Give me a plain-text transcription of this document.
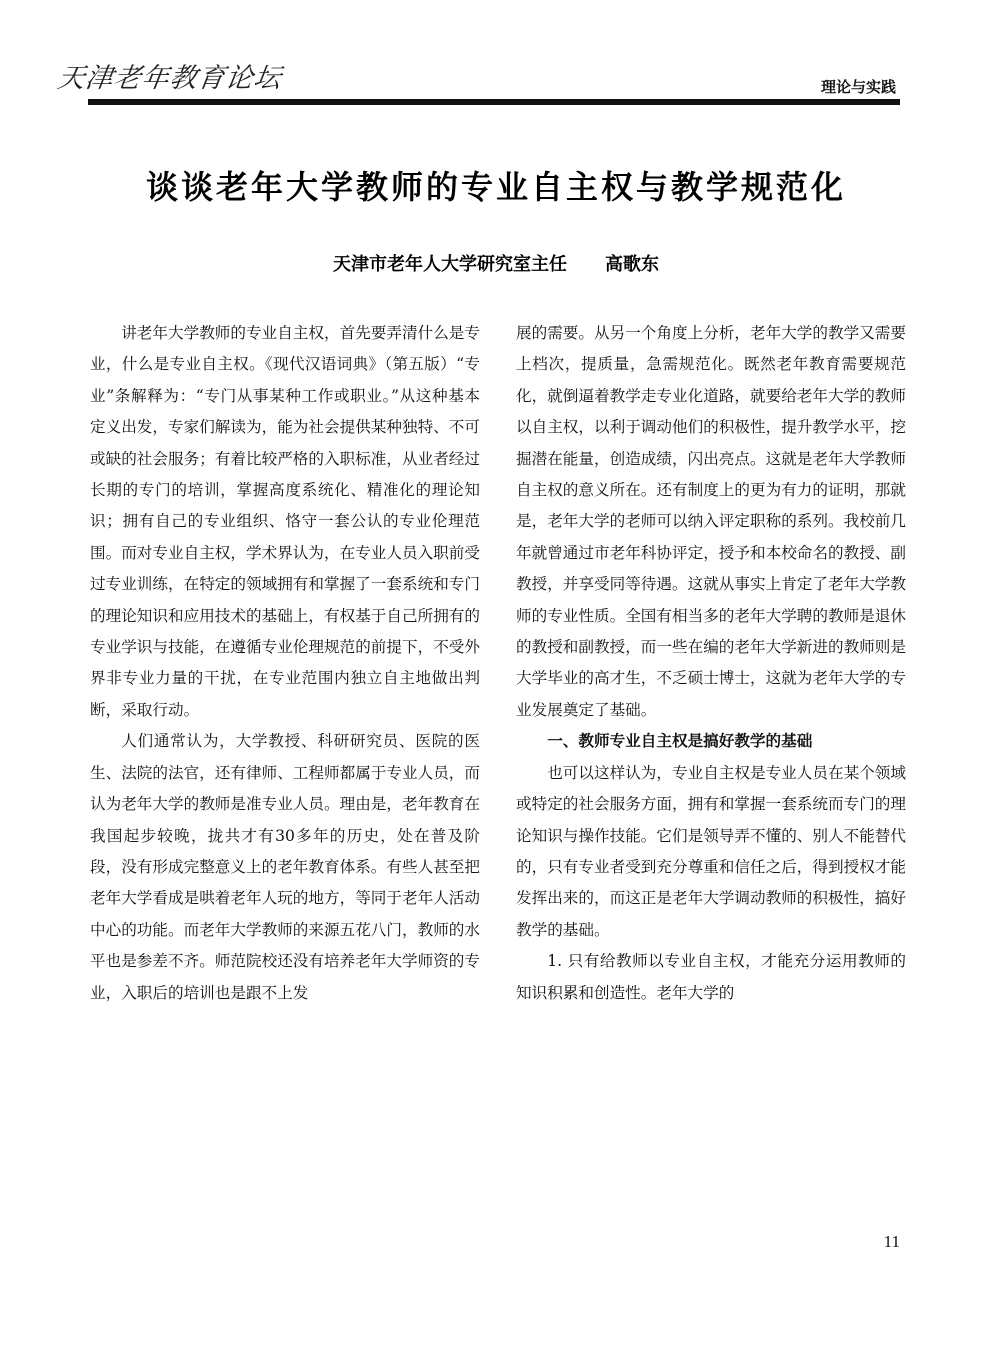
天津老年教育论坛	理论与实践
谈谈老年大学教师的专业自主权与教学规范化
天津市老年人大学研究室主任 高歌东

讲老年大学教师的专业自主权，首先要弄清什么是专业，什么是专业自主权。《现代汉语词典》（第五版）“专业”条解释为：“专门从事某种工作或职业。”从这种基本定义出发，专家们解读为，能为社会提供某种独特、不可或缺的社会服务；有着比较严格的入职标准，从业者经过长期的专门的培训，掌握高度系统化、精准化的理论知识；拥有自己的专业组织、恪守一套公认的专业伦理范围。而对专业自主权，学术界认为，在专业人员入职前受过专业训练，在特定的领域拥有和掌握了一套系统和专门的理论知识和应用技术的基础上，有权基于自己所拥有的专业学识与技能，在遵循专业伦理规范的前提下，不受外界非专业力量的干扰，在专业范围内独立自主地做出判断，采取行动。

人们通常认为，大学教授、科研研究员、医院的医生、法院的法官，还有律师、工程师都属于专业人员，而认为老年大学的教师是准专业人员。理由是，老年教育在我国起步较晚，拢共才有30多年的历史，处在普及阶段，没有形成完整意义上的老年教育体系。有些人甚至把老年大学看成是哄着老年人玩的地方，等同于老年人活动中心的功能。而老年大学教师的来源五花八门，教师的水平也是参差不齐。师范院校还没有培养老年大学师资的专业，入职后的培训也是跟不上发

展的需要。从另一个角度上分析，老年大学的教学又需要上档次，提质量，急需规范化。既然老年教育需要规范化，就倒逼着教学走专业化道路，就要给老年大学的教师以自主权，以利于调动他们的积极性，提升教学水平，挖掘潜在能量，创造成绩，闪出亮点。这就是老年大学教师自主权的意义所在。还有制度上的更为有力的证明，那就是，老年大学的老师可以纳入评定职称的系列。我校前几年就曾通过市老年科协评定，授予和本校命名的教授、副教授，并享受同等待遇。这就从事实上肯定了老年大学教师的专业性质。全国有相当多的老年大学聘的教师是退休的教授和副教授，而一些在编的老年大学新进的教师则是大学毕业的高才生，不乏硕士博士，这就为老年大学的专业发展奠定了基础。

一、教师专业自主权是搞好教学的基础

也可以这样认为，专业自主权是专业人员在某个领域或特定的社会服务方面，拥有和掌握一套系统而专门的理论知识与操作技能。它们是领导弄不懂的、别人不能替代的，只有专业者受到充分尊重和信任之后，得到授权才能发挥出来的，而这正是老年大学调动教师的积极性，搞好教学的基础。

1. 只有给教师以专业自主权，才能充分运用教师的知识积累和创造性。老年大学的

11
